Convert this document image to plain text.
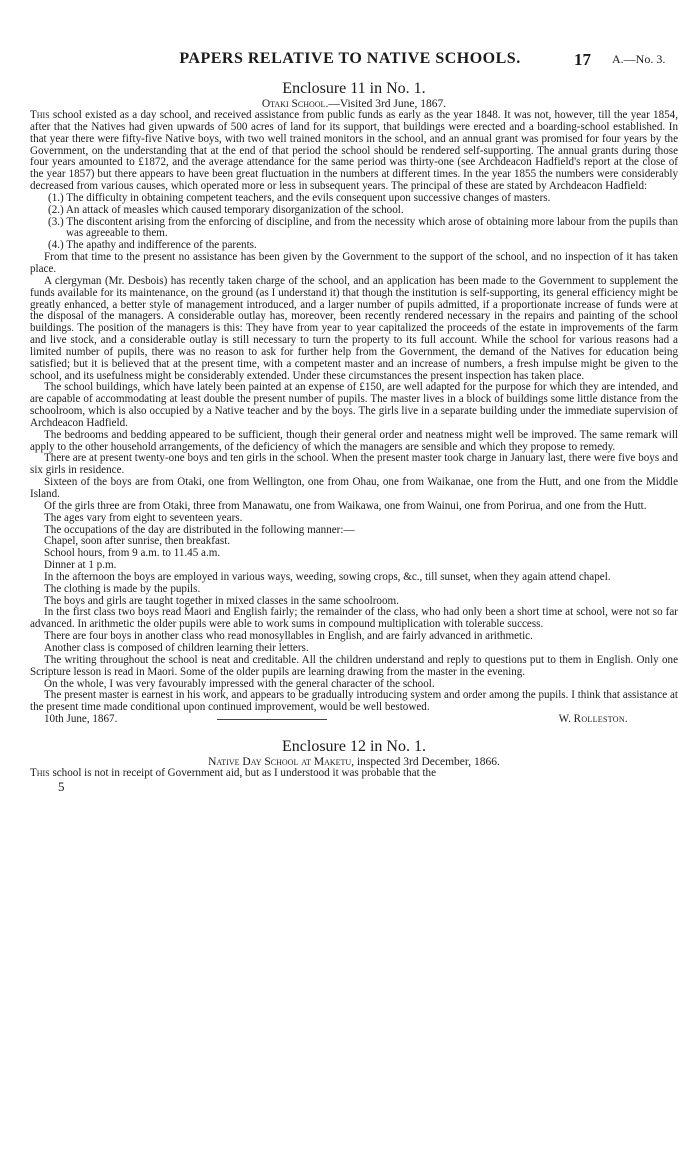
PAPERS RELATIVE TO NATIVE SCHOOLS.	17 A.—No. 3.
Enclosure 11 in No. 1.
Otaki School.—Visited 3rd June, 1867.

This school existed as a day school, and received assistance from public funds as early as the year 1848. It was not, however, till the year 1854, after that the Natives had given upwards of 500 acres of land for its support, that buildings were erected and a boarding-school established. In that year there were fifty-five Native boys, with two well trained monitors in the school, and an annual grant was promised for four years by the Government, on the understanding that at the end of that period the school should be rendered self-supporting. The annual grants during those four years amounted to £1872, and the average attendance for the same period was thirty-one (see Archdeacon Hadfield's report at the close of the year 1857) but there appears to have been great fluctuation in the numbers at different times. In the year 1855 the numbers were considerably decreased from various causes, which operated more or less in subsequent years. The principal of these are stated by Archdeacon Hadfield:

(1.) The difficulty in obtaining competent teachers, and the evils consequent upon successive changes of masters.

(2.) An attack of measles which caused temporary disorganization of the school.

(3.) The discontent arising from the enforcing of discipline, and from the necessity which arose of obtaining more labour from the pupils than was agreeable to them.

(4.) The apathy and indifference of the parents.

From that time to the present no assistance has been given by the Government to the support of the school, and no inspection of it has taken place.

A clergyman (Mr. Desbois) has recently taken charge of the school, and an application has been made to the Government to supplement the funds available for its maintenance, on the ground (as I understand it) that though the institution is self-supporting, its general efficiency might be greatly enhanced, a better style of management introduced, and a larger number of pupils admitted, if a proportionate increase of funds were at the disposal of the managers. A considerable outlay has, moreover, been recently rendered necessary in the repairs and painting of the school buildings. The position of the managers is this: They have from year to year capitalized the proceeds of the estate in improvements of the farm and live stock, and a considerable outlay is still necessary to turn the property to its full account. While the school for various reasons had a limited number of pupils, there was no reason to ask for further help from the Government, the demand of the Natives for education being satisfied; but it is believed that at the present time, with a competent master and an increase of numbers, a fresh impulse might be given to the school, and its usefulness might be considerably extended. Under these circumstances the present inspection has taken place.

The school buildings, which have lately been painted at an expense of £150, are well adapted for the purpose for which they are intended, and are capable of accommodating at least double the present number of pupils. The master lives in a block of buildings some little distance from the schoolroom, which is also occupied by a Native teacher and by the boys. The girls live in a separate building under the immediate supervision of Archdeacon Hadfield.

The bedrooms and bedding appeared to be sufficient, though their general order and neatness might well be improved. The same remark will apply to the other household arrangements, of the deficiency of which the managers are sensible and which they propose to remedy.

There are at present twenty-one boys and ten girls in the school. When the present master took charge in January last, there were five boys and six girls in residence.

Sixteen of the boys are from Otaki, one from Wellington, one from Ohau, one from Waikanae, one from the Hutt, and one from the Middle Island.

Of the girls three are from Otaki, three from Manawatu, one from Waikawa, one from Wainui, one from Porirua, and one from the Hutt.

The ages vary from eight to seventeen years.

The occupations of the day are distributed in the following manner:—

Chapel, soon after sunrise, then breakfast.

School hours, from 9 a.m. to 11.45 a.m.

Dinner at 1 p.m.

In the afternoon the boys are employed in various ways, weeding, sowing crops, &c., till sunset, when they again attend chapel.

The clothing is made by the pupils.

The boys and girls are taught together in mixed classes in the same schoolroom.

In the first class two boys read Maori and English fairly; the remainder of the class, who had only been a short time at school, were not so far advanced. In arithmetic the older pupils were able to work sums in compound multiplication with tolerable success.

There are four boys in another class who read monosyllables in English, and are fairly advanced in arithmetic.

Another class is composed of children learning their letters.

The writing throughout the school is neat and creditable. All the children understand and reply to questions put to them in English. Only one Scripture lesson is read in Maori. Some of the older pupils are learning drawing from the master in the evening.

On the whole, I was very favourably impressed with the general character of the school.

The present master is earnest in his work, and appears to be gradually introducing system and order among the pupils. I think that assistance at the present time made conditional upon continued improvement, would be well bestowed.

10th June, 1867.	W. Rolleston.
Enclosure 12 in No. 1.
Native Day School at Maketu, inspected 3rd December, 1866.

This school is not in receipt of Government aid, but as I understood it was probable that the

5
